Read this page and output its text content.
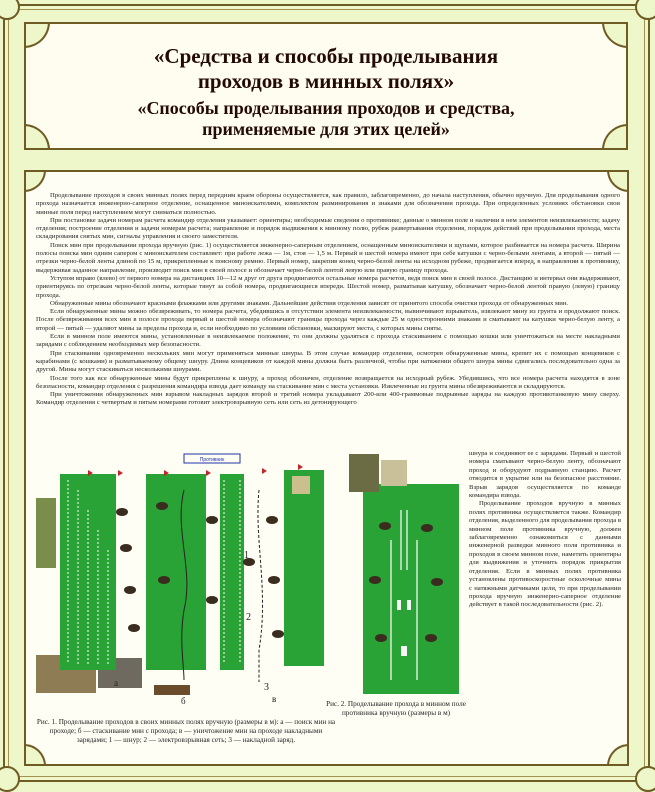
«Средства и способы проделывания
проходов в минных полях»
«Способы проделывания проходов и средства,
применяемые для этих целей»

Проделывание проходов в своих минных полях перед передним краем обороны осуществляется, как правило, заблаговременно, до начала наступления, обычно вручную. Для проделывания одного прохода назначается инженерно-саперное отделение, оснащенное миноискателями, комплектом разминирования и знаками для обозначения прохода. При определенных условиях обстановки свои минные поля перед наступлением могут сниматься полностью.

При постановке задачи номерам расчета командир отделения указывает: ориентиры; необходимые сведения о противнике; данные о минном поле и наличии в нем элементов неизвлекаемости; задачу отделения; построение отделения и задачи номерам расчета; направление и порядок выдвижения к минному полю, рубеж развертывания отделения, порядок действий при проделывании прохода, места складирования снятых мин, сигналы управления и своего заместителя.

Поиск мин при проделывании прохода вручную (рис. 1) осуществляется инженерно-саперным отделением, оснащенным миноискателями и щупами, которое разбивается на номера расчета. Ширина полосы поиска мин одним сапером с миноискателем составляет: при работе лежа — 1м, стоя — 1,5 м. Первый и шестой номера имеют при себе катушки с черно-белыми лентами, а второй — пятый — отрезки черно-белой ленты длиной по 15 м, прикрепленные к поясному ремню. Первый номер, закрепив конец черно-белой ленты на исходном рубеже, продвигается вперед, в направлении к противнику, выдерживая заданное направление, производит поиск мин в своей полосе и обозначает черно-белой лентой левую или правую границу прохода.

Уступом вправо (влево) от первого номера на дистанциях 10—12 м друг от друга продвигаются остальные номера расчетов, ведя поиск мин в своей полосе. Дистанцию и интервал они выдерживают, ориентируясь по отрезкам черно-белой ленты, которые тянут за собой номера, продвигающиеся впереди. Шестой номер, разматывая катушку, обозначает черно-белой лентой правую (левую) границу прохода.

Обнаруженные мины обозначают красными флажками или другими знаками. Дальнейшие действия отделения зависят от принятого способа очистки прохода от обнаруженных мин.

Если обнаруженные мины можно обезвреживать, то номера расчета, убедившись в отсутствии элемента неизвлекаемости, вывинчивают взрыватель, извлекают мину из грунта и продолжают поиск. После обезвреживания всех мин в полосе прохода первый и шестой номера обозначают границы прохода через каждые 25 м односторонними знаками и сматывают на катушки черно-белую ленту, а второй — пятый — удаляют мины за пределы прохода и, если необходимо по условиям обстановки, маскируют места, с которых мины сняты.

Если в минном поле имеются мины, установленные в неизвлекаемое положение, то они должны удаляться с прохода стаскиванием с помощью кошки или уничтожаться на месте накладными зарядами с соблюдением необходимых мер безопасности.

При стаскивании одновременно нескольких мин могут применяться минные шнуры. В этом случае командир отделения, осмотрев обнаруженные мины, крепит их с помощью концевиков с карабинами (с кошками) и разматываемому общему шнуру. Длина концевиков от каждой мины должна быть различной, чтобы при натяжении общего шнура мины сдвигались последовательно одна за другой. Мины могут стаскиваться несколькими шнурами.

После того как все обнаруженные мины будут прикреплены к шнуру, а проход обозначен, отделение возвращается на исходный рубеж. Убедившись, что все номера расчета находятся в зоне безопасности, командир отделения с разрешения командира взвода дает команду на стаскивание мин с места установки. Извлеченные из грунта мины обезвреживаются и складируются.

При уничтожении обнаруженных мин взрывом накладных зарядов второй и третий номера укладывают 200-или 400-граммовые подрывные заряды на каждую противотанковую мину сверху. Командир отделения с четвертым и пятым номерами готовит электровзрывную сеть или сеть из детонирующего

Противник
1
2
3
а
б	в
Рис. 1. Проделывание проходов в своих минных полях вручную (размеры в м): а — поиск мин на проходе; б — стаскивание мин с прохода; в — уничтожение мин на проходе накладными зарядами; 1 — шнур; 2 — электровзрывная сеть; 3 — накладной заряд.
Рис. 2. Проделывание прохода в минном поле противника вручную (размеры в м)

шнура и соединяют ее с зарядами. Первый и шестой номера сматывают черно-белую ленту, обозначают проход и оборудуют подрывную станцию. Расчет отводится в укрытие или на безопасное расстояние. Взрыв зарядов осуществляется по команде командира взвода.

Проделывание проходов вручную в минных полях противника осуществляется также. Командир отделения, выделенного для проделывания прохода в минном поле противника вручную, должен заблаговременно ознакомиться с данными инженерной разведки минного поля противника и проходов в своем минном поле, наметить ориентиры для выдвижения и уточнить порядок прикрытия отделения. Если в минных полях противника установлены противоскоростные осколочные мины с натяжными датчиками цели, то при проделывании прохода вручную инженерно-саперное отделение действует в такой последовательности (рис. 2).
